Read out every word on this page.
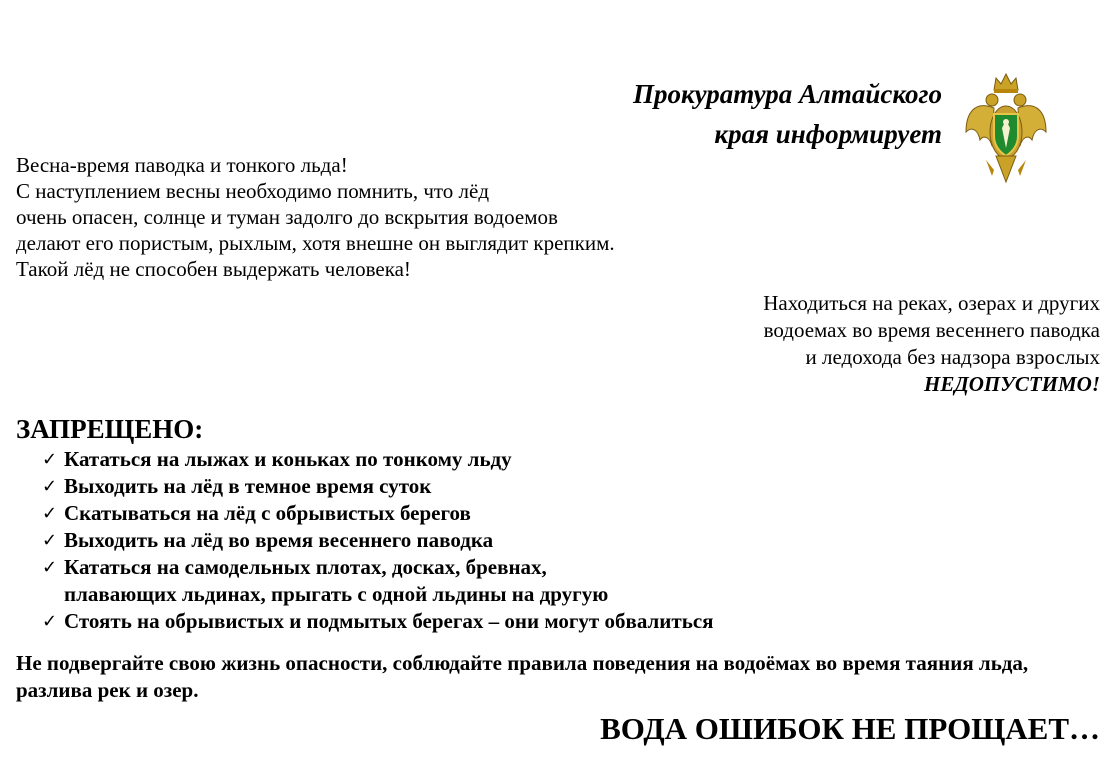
Прокуратура Алтайского
края информирует
Весна-время паводка и тонкого льда!
С наступлением весны необходимо помнить, что лёд
очень опасен, солнце и туман задолго до вскрытия водоемов
делают его пористым, рыхлым, хотя внешне он выглядит крепким.
Такой лёд не способен выдержать человека!
Находиться на реках, озерах и других
водоемах во время весеннего паводка
и ледохода без надзора взрослых
НЕДОПУСТИМО!
ЗАПРЕЩЕНО:
✓ Кататься на лыжах и коньках по тонкому льду
✓ Выходить на лёд в темное время суток
✓ Скатываться на лёд с обрывистых берегов
✓ Выходить на лёд во время весеннего паводка
✓ Кататься на самодельных плотах, досках, бревнах,
плавающих льдинах, прыгать с одной льдины на другую
✓ Стоять на обрывистых и подмытых берегах – они могут обвалиться
Не подвергайте свою жизнь опасности, соблюдайте правила поведения на водоёмах во время таяния льда, разлива рек и озер.
ВОДА ОШИБОК НЕ ПРОЩАЕТ…
